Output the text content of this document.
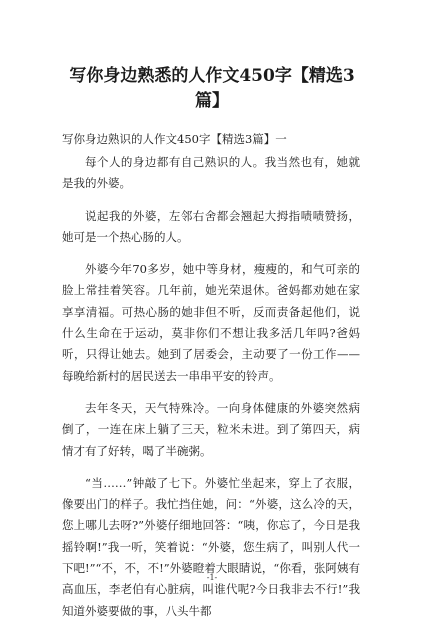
写你身边熟悉的人作文450字【精选3
篇】
写你身边熟识的人作文450字【精选3篇】一

每个人的身边都有自己熟识的人。我当然也有，她就是我的外婆。

说起我的外婆，左邻右舍都会翘起大拇指啧啧赞扬，她可是一个热心肠的人。

外婆今年70多岁，她中等身材，瘦瘦的，和气可亲的脸上常挂着笑容。几年前，她光荣退休。爸妈都劝她在家享享清福。可热心肠的她非但不听，反而责备起他们，说什么生命在于运动，莫非你们不想让我多活几年吗?爸妈听，只得让她去。她到了居委会，主动要了一份工作——每晚给新村的居民送去一串串平安的铃声。

去年冬天，天气特殊冷。一向身体健康的外婆突然病倒了，一连在床上躺了三天，粒米未进。到了第四天，病情才有了好转，喝了半碗粥。

“当……”钟敲了七下。外婆忙坐起来，穿上了衣服，像要出门的样子。我忙挡住她，问：“外婆，这么冷的天，您上哪儿去呀?”外婆仔细地回答：“咦，你忘了，今日是我摇铃啊!”我一听，笑着说：“外婆，您生病了，叫别人代一下吧!”“不，不，不!”外婆瞪着大眼睛说，“你看，张阿姨有高血压，李老伯有心脏病，叫谁代呢?今日我非去不行!”我知道外婆要做的事，八头牛都

-1-
